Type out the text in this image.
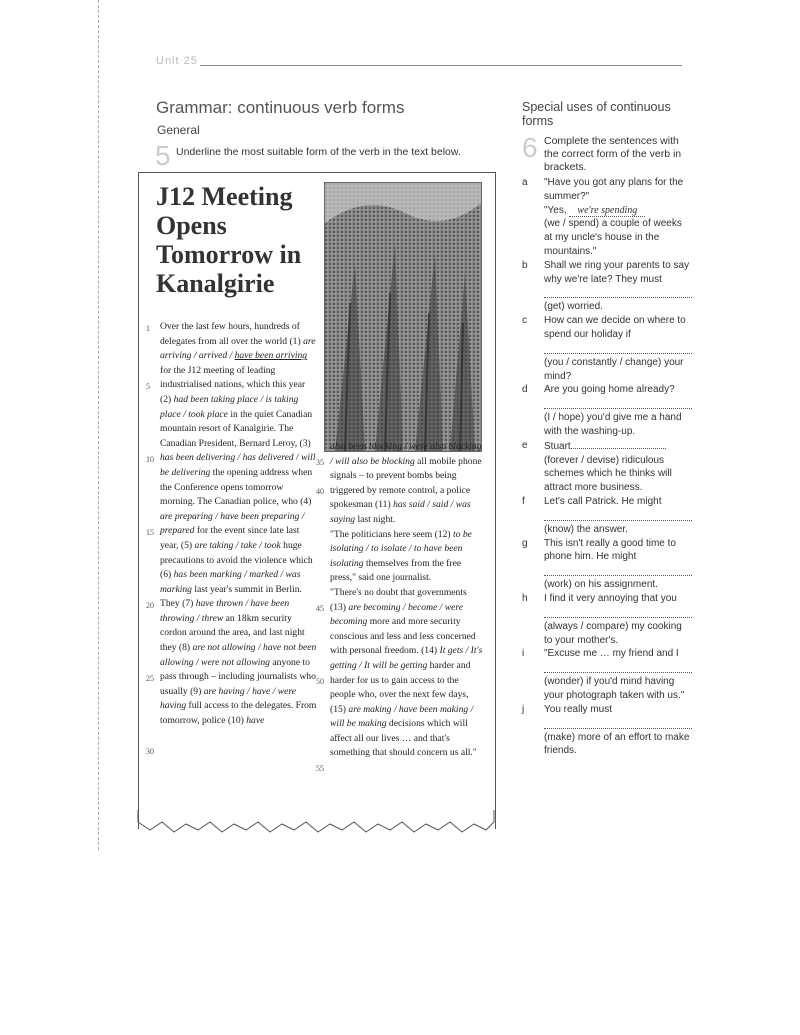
Unit 25
Grammar: continuous verb forms
General
5 Underline the most suitable form of the verb in the text below.
J12 Meeting Opens Tomorrow in Kanalgirie
1
5
10
15
20
25
30
Over the last few hours, hundreds of delegates from all over the world (1) are arriving / arrived / have been arriving for the J12 meeting of leading industrialised nations, which this year (2) had been taking place / is taking place / took place in the quiet Canadian mountain resort of Kanalgirie. The Canadian President, Bernard Leroy, (3) has been delivering / has delivered / will be delivering the opening address when the Conference opens tomorrow morning. The Canadian police, who (4) are preparing / have been preparing / prepared for the event since late last year, (5) are taking / take / took huge precautions to avoid the violence which (6) has been marking / marked / was marking last year's summit in Berlin. They (7) have thrown / have been throwing / threw an 18km security cordon around the area, and last night they (8) are not allowing / have not been allowing / were not allowing anyone to pass through – including journalists who usually (9) are having / have / were having full access to the delegates. From tomorrow, police (10) have
35
40
45
50
55
also been blocking / were also blocking / will also be blocking all mobile phone signals – to prevent bombs being triggered by remote control, a police spokesman (11) has said / said / was saying last night.
"The politicians here seem (12) to be isolating / to isolate / to have been isolating themselves from the free press," said one journalist.
"There's no doubt that governments (13) are becoming / become / were becoming more and more security conscious and less and less concerned with personal freedom. (14) It gets / It's getting / It will be getting harder and harder for us to gain access to the people who, over the next few days, (15) are making / have been making / will be making decisions which will affect all our lives … and that's something that should concern us all."
Special uses of continuous forms
6 Complete the sentences with the correct form of the verb in brackets.
a "Have you got any plans for the summer?"
"Yes, we're spending
(we / spend) a couple of weeks at my uncle's house in the mountains."
b Shall we ring your parents to say why we're late? They must
(get) worried.
c How can we decide on where to spend our holiday if
(you / constantly / change) your mind?
d Are you going home already?
(I / hope) you'd give me a hand with the washing-up.
e Stuart
(forever / devise) ridiculous schemes which he thinks will attract more business.
f Let's call Patrick. He might
(know) the answer.
g This isn't really a good time to phone him. He might
(work) on his assignment.
h I find it very annoying that you
(always / compare) my cooking to your mother's.
i "Excuse me … my friend and I
(wonder) if you'd mind having your photograph taken with us."
j You really must
(make) more of an effort to make friends.
